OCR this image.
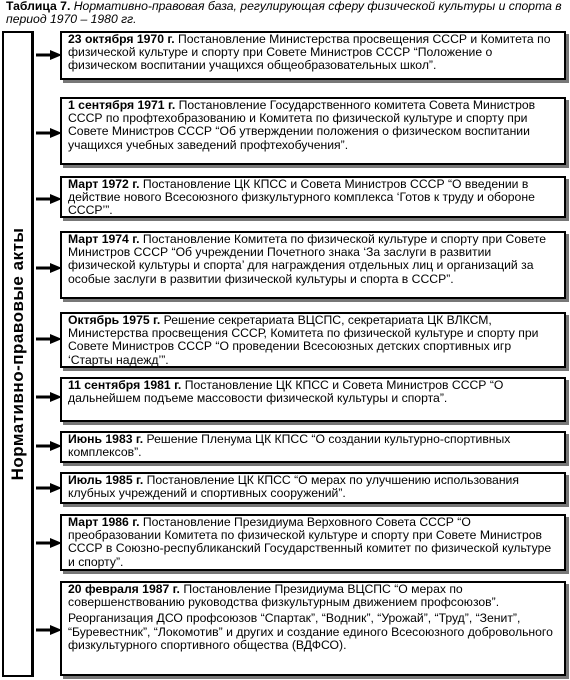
Таблица 7. Нормативно-правовая база, регулирующая сферу физической культуры и спорта в период 1970 – 1980 гг.
Нормативно-правовые акты
23 октября 1970 г. Постановление Министерства просвещения СССР и Комитета по физической культуре и спорту при Совете Министров СССР “Положение о физическом воспитании учащихся общеобразовательных школ”.
1 сентября 1971 г. Постановление Государственного комитета Совета Министров СССР по профтехобразованию и Комитета по физической культуре и спорту при Совете Министров СССР “Об утверждении положения о физическом воспитании учащихся учебных заведений профтехобучения”.
Март 1972 г. Постановление ЦК КПСС и Совета Министров СССР “О введении в действие нового Всесоюзного физкультурного комплекса ‘Готов к труду и обороне СССР’”.
Март 1974 г. Постановление Комитета по физической культуре и спорту при Совете Министров СССР “Об учреждении Почетного знака ‘За заслуги в развитии физической культуры и спорта’ для награждения отдельных лиц и организаций за особые заслуги в развитии физической культуры и спорта в СССР”.
Октябрь 1975 г. Решение секретариата ВЦСПС, секретариата ЦК ВЛКСМ, Министерства просвещения СССР, Комитета по физической культуре и спорту при Совете Министров СССР “О проведении Всесоюзных детских спортивных игр ‘Старты надежд’”.
11 сентября 1981 г. Постановление ЦК КПСС и Совета Министров СССР “О дальнейшем подъеме массовости физической культуры и спорта”.
Июнь 1983 г. Решение Пленума ЦК КПСС “О создании культурно-спортивных комплексов”.
Июль 1985 г. Постановление ЦК КПСС “О мерах по улучшению использования клубных учреждений и спортивных сооружений”.
Март 1986 г. Постановление Президиума Верховного Совета СССР “О преобразовании Комитета по физической культуре и спорту при Совете Министров СССР в Союзно-республиканский Государственный комитет по физической культуре и спорту”.

20 февраля 1987 г. Постановление Президиума ВЦСПС “О мерах по совершенствованию руководства физкультурным движением профсоюзов”.

Реорганизация ДСО профсоюзов “Спартак”, “Водник”, “Урожай”, “Труд”, “Зенит”, “Буревестник”, “Локомотив” и других и создание единого Всесоюзного добровольного физкультурного спортивного общества (ВДФСО).
